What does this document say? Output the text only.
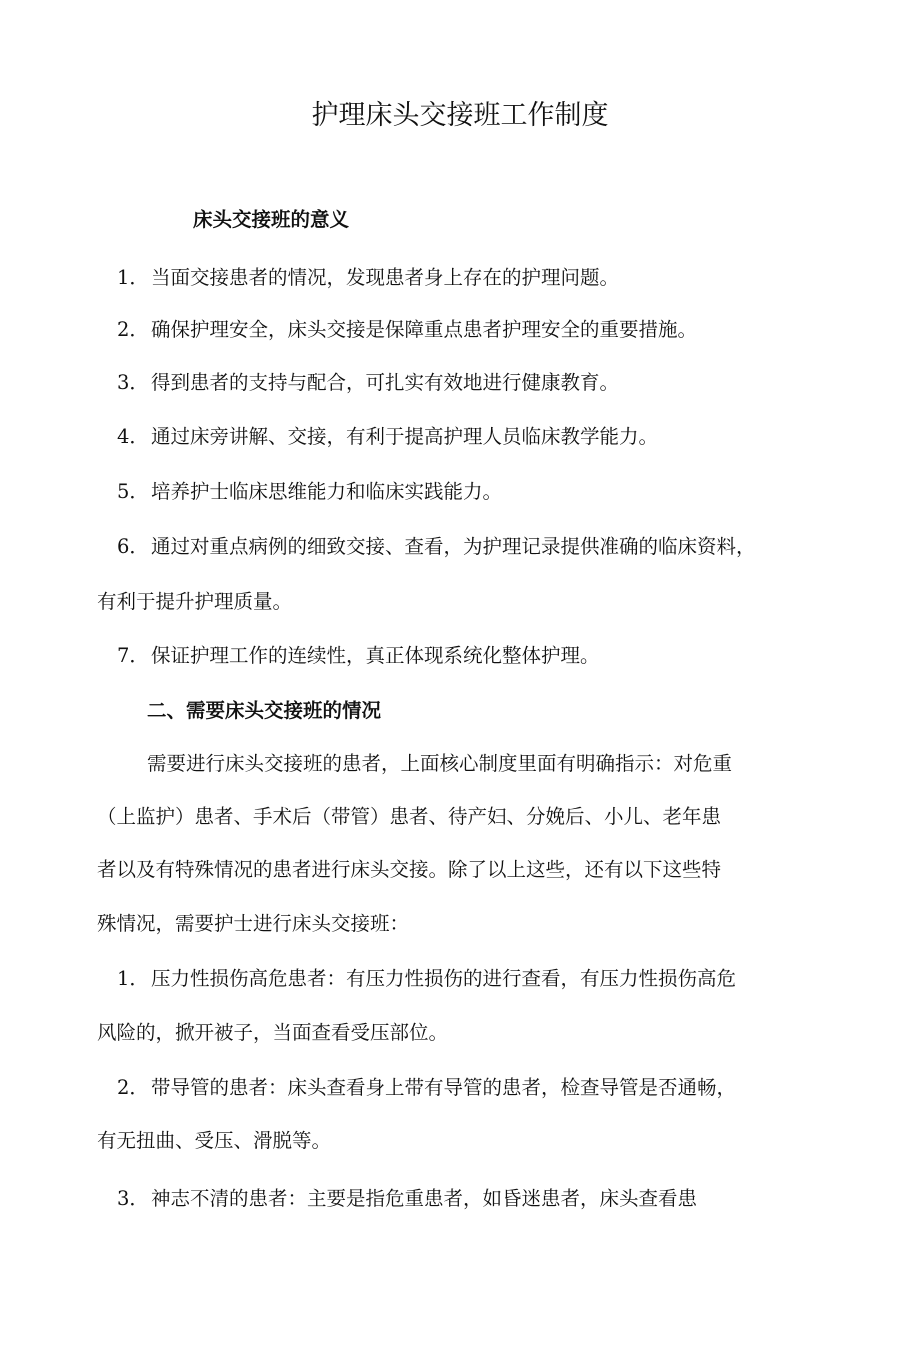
护理床头交接班工作制度
床头交接班的意义
1． 当面交接患者的情况，发现患者身上存在的护理问题。
2． 确保护理安全，床头交接是保障重点患者护理安全的重要措施。
3． 得到患者的支持与配合，可扎实有效地进行健康教育。
4． 通过床旁讲解、交接，有利于提高护理人员临床教学能力。
5． 培养护士临床思维能力和临床实践能力。
6． 通过对重点病例的细致交接、查看，为护理记录提供准确的临床资料，
有利于提升护理质量。
7． 保证护理工作的连续性，真正体现系统化整体护理。
二、需要床头交接班的情况
需要进行床头交接班的患者，上面核心制度里面有明确指示：对危重
（上监护）患者、手术后（带管）患者、待产妇、分娩后、小儿、老年患
者以及有特殊情况的患者进行床头交接。除了以上这些，还有以下这些特
殊情况，需要护士进行床头交接班：
1． 压力性损伤高危患者：有压力性损伤的进行查看，有压力性损伤高危
风险的，掀开被子，当面查看受压部位。
2． 带导管的患者：床头查看身上带有导管的患者，检查导管是否通畅，
有无扭曲、受压、滑脱等。
3． 神志不清的患者：主要是指危重患者，如昏迷患者，床头查看患
